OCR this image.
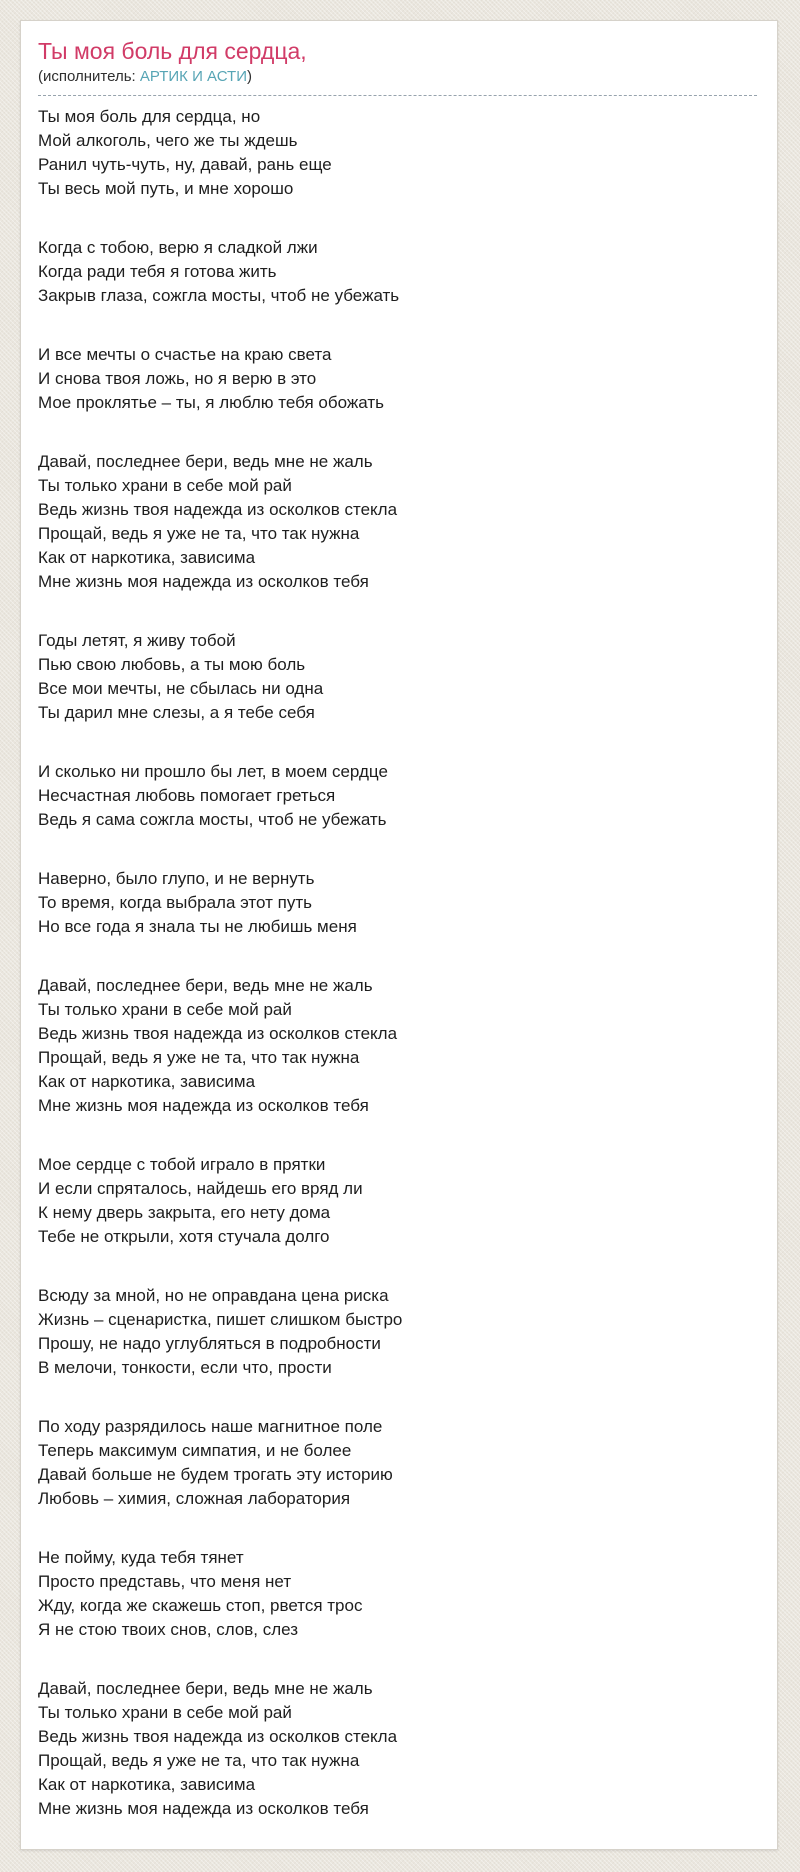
Ты моя боль для сердца,
(исполнитель: АРТИК И АСТИ)

Ты моя боль для сердца, но
Мой алкоголь, чего же ты ждешь
Ранил чуть-чуть, ну, давай, рань еще
Ты весь мой путь, и мне хорошо

Когда с тобою, верю я сладкой лжи
Когда ради тебя я готова жить
Закрыв глаза, сожгла мосты, чтоб не убежать

И все мечты о счастье на краю света
И снова твоя ложь, но я верю в это
Мое проклятье – ты, я люблю тебя обожать

Давай, последнее бери, ведь мне не жаль
Ты только храни в себе мой рай
Ведь жизнь твоя надежда из осколков стекла
Прощай, ведь я уже не та, что так нужна
Как от наркотика, зависима
Мне жизнь моя надежда из осколков тебя

Годы летят, я живу тобой
Пью свою любовь, а ты мою боль
Все мои мечты, не сбылась ни одна
Ты дарил мне слезы, а я тебе себя

И сколько ни прошло бы лет, в моем сердце
Несчастная любовь помогает греться
Ведь я сама сожгла мосты, чтоб не убежать

Наверно, было глупо, и не вернуть
То время, когда выбрала этот путь
Но все года я знала ты не любишь меня

Давай, последнее бери, ведь мне не жаль
Ты только храни в себе мой рай
Ведь жизнь твоя надежда из осколков стекла
Прощай, ведь я уже не та, что так нужна
Как от наркотика, зависима
Мне жизнь моя надежда из осколков тебя

Мое сердце с тобой играло в прятки
И если спряталось, найдешь его вряд ли
К нему дверь закрыта, его нету дома
Тебе не открыли, хотя стучала долго

Всюду за мной, но не оправдана цена риска
Жизнь – сценаристка, пишет слишком быстро
Прошу, не надо углубляться в подробности
В мелочи, тонкости, если что, прости

По ходу разрядилось наше магнитное поле
Теперь максимум симпатия, и не более
Давай больше не будем трогать эту историю
Любовь – химия, сложная лаборатория

Не пойму, куда тебя тянет
Просто представь, что меня нет
Жду, когда же скажешь стоп, рвется трос
Я не стою твоих снов, слов, слез

Давай, последнее бери, ведь мне не жаль
Ты только храни в себе мой рай
Ведь жизнь твоя надежда из осколков стекла
Прощай, ведь я уже не та, что так нужна
Как от наркотика, зависима
Мне жизнь моя надежда из осколков тебя
